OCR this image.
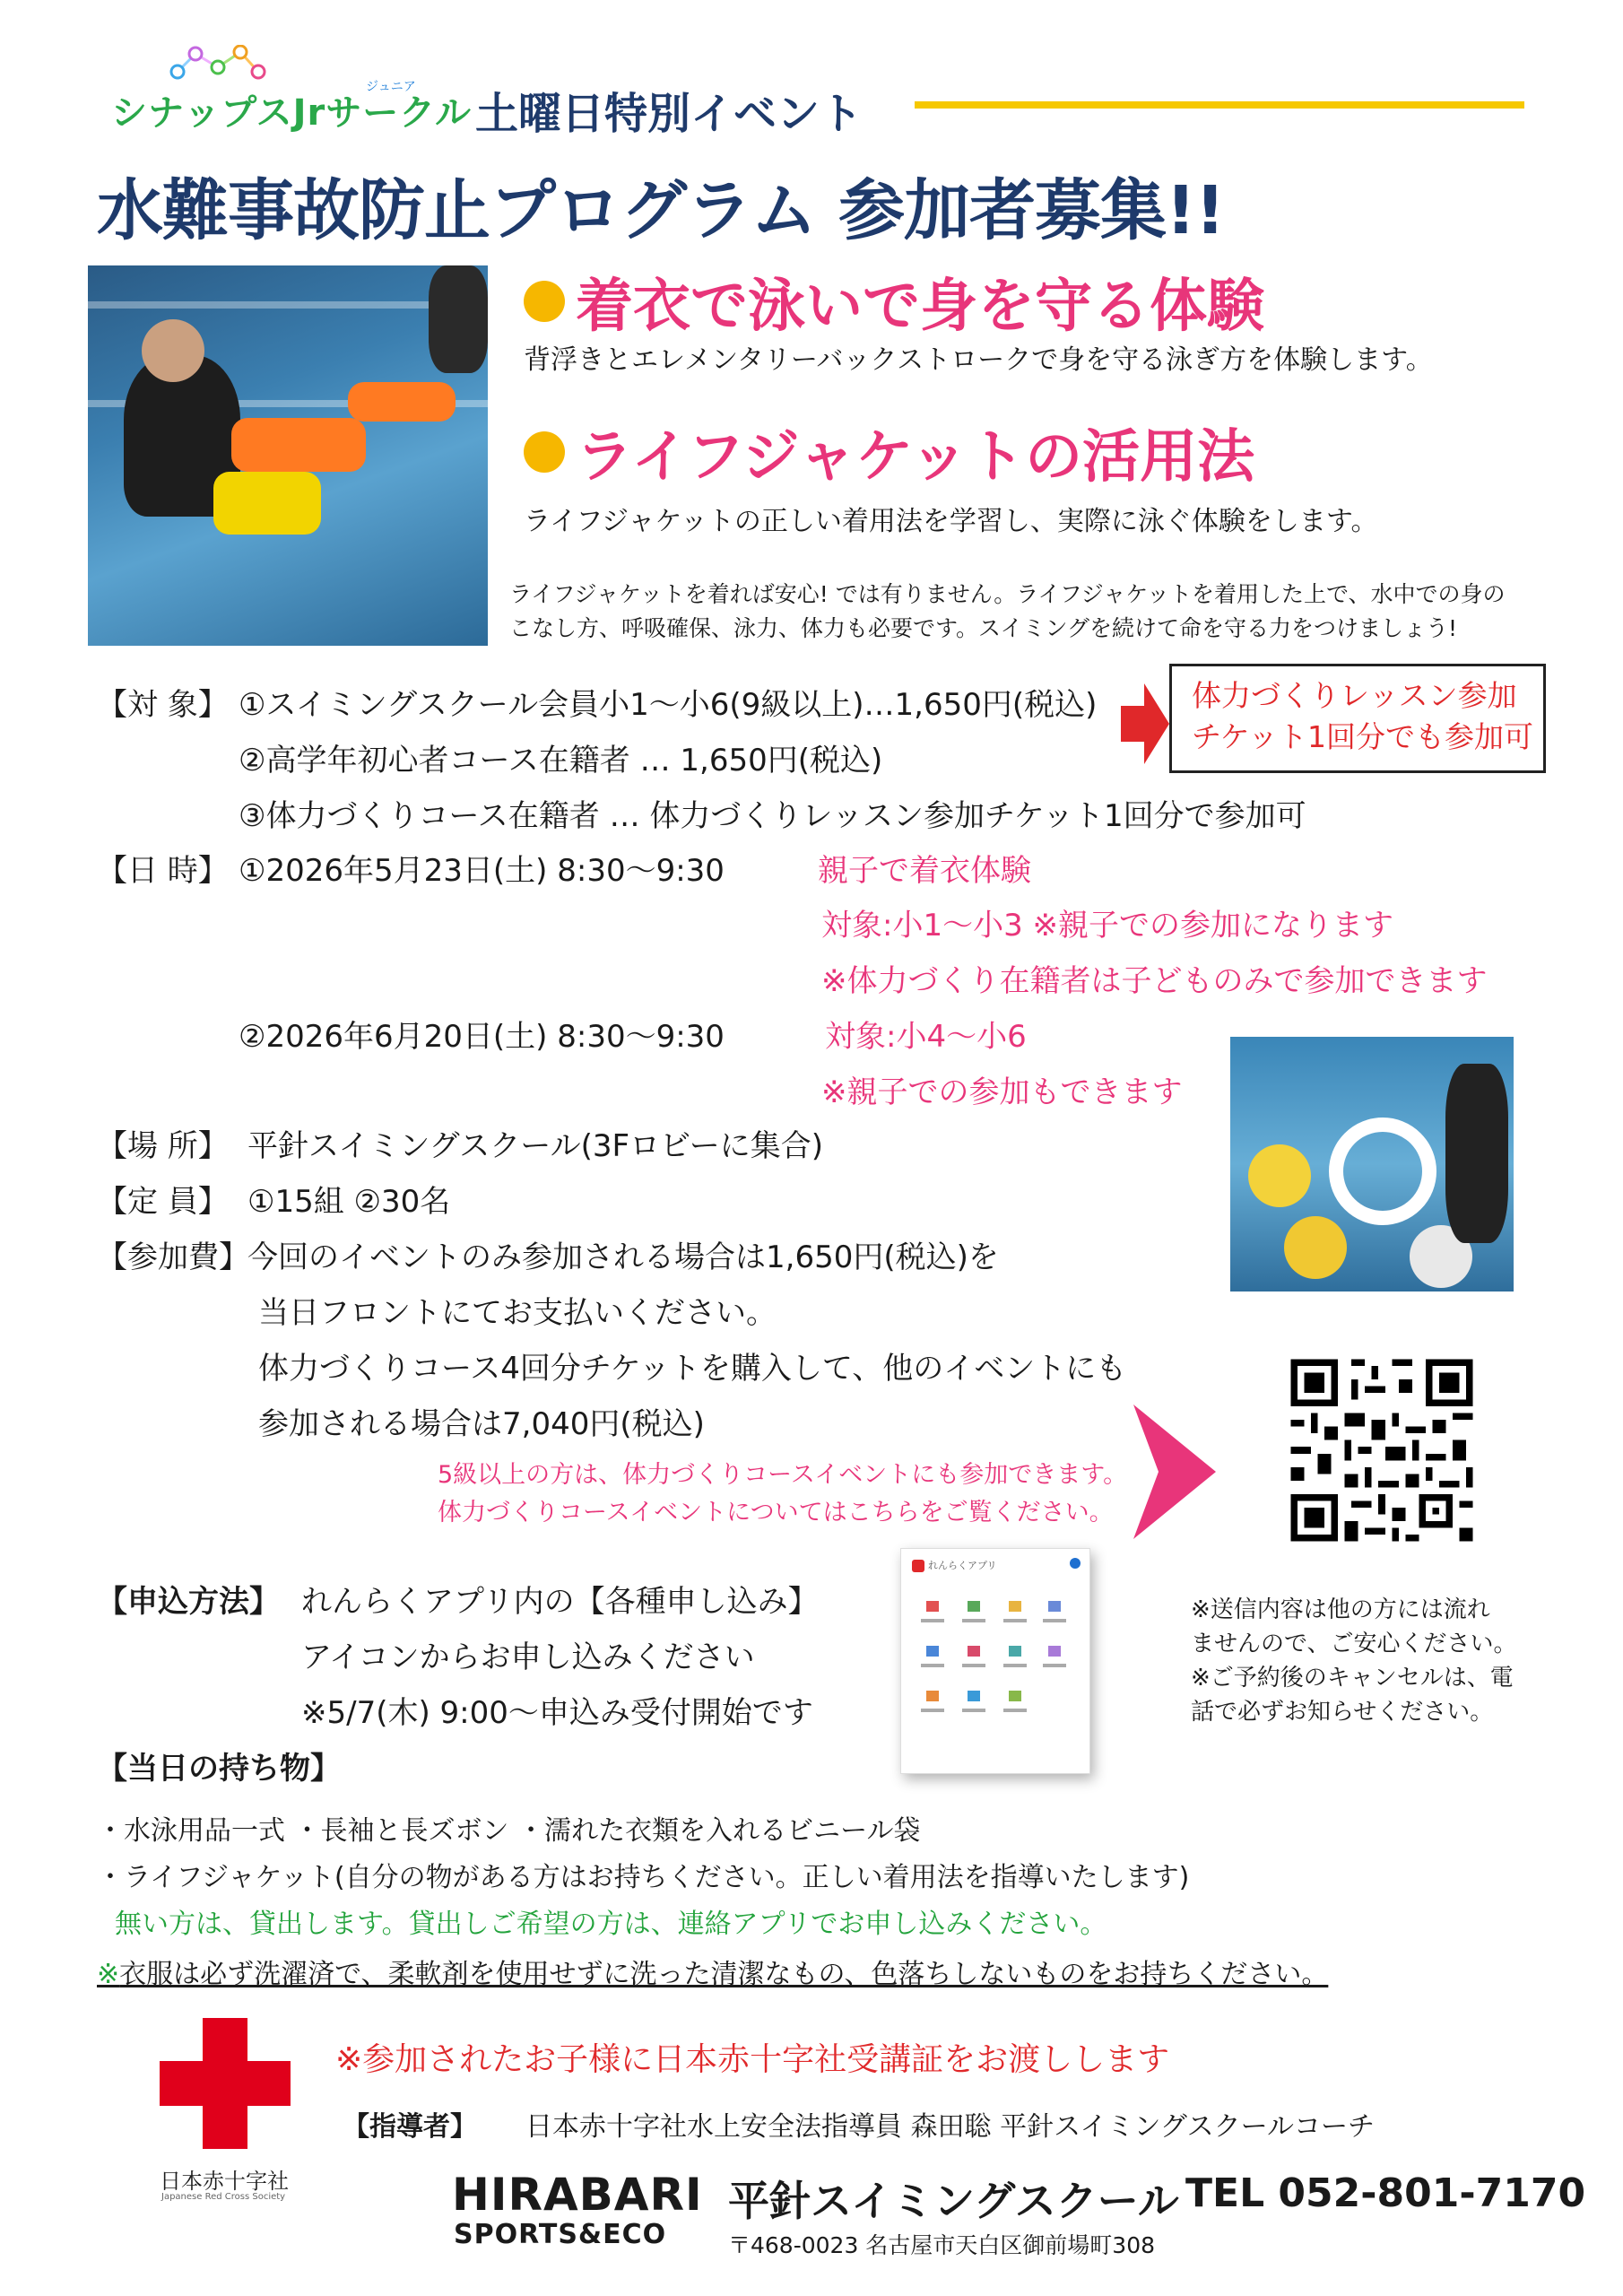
ジュニア
シナップスJrサークル 土曜日特別イベント
水難事故防止プログラム 参加者募集!!
着衣で泳いで身を守る体験
背浮きとエレメンタリーバックストロークで身を守る泳ぎ方を体験します。
ライフジャケットの活用法
ライフジャケットの正しい着用法を学習し、実際に泳ぐ体験をします。
ライフジャケットを着れば安心! では有りません。ライフジャケットを着用した上で、水中での身の
こなし方、呼吸確保、泳力、体力も必要です。スイミングを続けて命を守る力をつけましょう!
【対 象】 ①スイミングスクール会員小1～小6(9級以上)…1,650円(税込)
②高学年初心者コース在籍者 … 1,650円(税込)
③体力づくりコース在籍者 … 体力づくりレッスン参加チケット1回分で参加可
体力づくりレッスン参加
チケット1回分でも参加可
【日 時】 ①2026年5月23日(土) 8:30～9:30	親子で着衣体験
対象:小1～小3 ※親子での参加になります
※体力づくり在籍者は子どものみで参加できます
②2026年6月20日(土) 8:30～9:30	対象:小4～小6
※親子での参加もできます
【場 所】 平針スイミングスクール(3Fロビーに集合)
【定 員】 ①15組 ②30名
【参加費】
今回のイベントのみ参加される場合は1,650円(税込)を
当日フロントにてお支払いください。
体力づくりコース4回分チケットを購入して、他のイベントにも
参加される場合は7,040円(税込)
5級以上の方は、体力づくりコースイベントにも参加できます。
体力づくりコースイベントについてはこちらをご覧ください。
【申込方法】 れんらくアプリ内の【各種申し込み】
アイコンからお申し込みください
※5/7(木) 9:00～申込み受付開始です
れんらくアプリ
※送信内容は他の方には流れ
ませんので、ご安心ください。
※ご予約後のキャンセルは、電
話で必ずお知らせください。
【当日の持ち物】
・水泳用品一式 ・長袖と長ズボン ・濡れた衣類を入れるビニール袋
・ライフジャケット(自分の物がある方はお持ちください。正しい着用法を指導いたします)
無い方は、貸出します。貸出しご希望の方は、連絡アプリでお申し込みください。
※衣服は必ず洗濯済で、柔軟剤を使用せずに洗った清潔なもの、色落ちしないものをお持ちください。
日本赤十字社
Japanese Red Cross Society
※参加されたお子様に日本赤十字社受講証をお渡しします
【指導者】 日本赤十字社水上安全法指導員 森田聡 平針スイミングスクールコーチ
HIRABARI
SPORTS&ECO
平針スイミングスクール TEL 052-801-7170
〒468-0023 名古屋市天白区御前場町308
